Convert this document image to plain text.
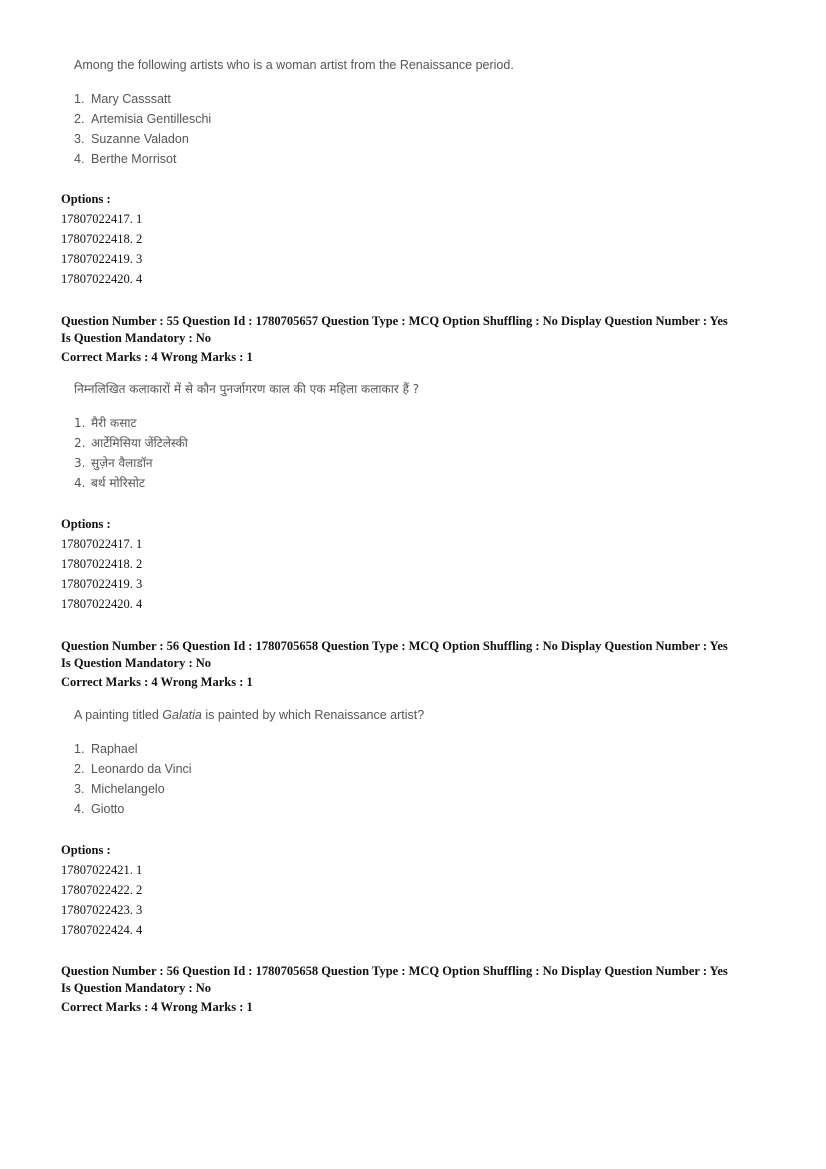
Among the following artists who is a woman artist from the Renaissance period.
1. Mary Casssatt
2. Artemisia Gentilleschi
3. Suzanne Valadon
4. Berthe Morrisot
Options :
17807022417. 1
17807022418. 2
17807022419. 3
17807022420. 4
Question Number : 55 Question Id : 1780705657 Question Type : MCQ Option Shuffling : No Display Question Number : Yes
Is Question Mandatory : No
Correct Marks : 4 Wrong Marks : 1
निम्नलिखित कलाकारों में से कौन पुनर्जागरण काल की एक महिला कलाकार हैं ?
1. मैरी कसाट
2. आर्टेमिसिया जेंटिलेस्की
3. सुज़ेन वैलाडॉन
4. बर्थ मोरिसोट
Options :
17807022417. 1
17807022418. 2
17807022419. 3
17807022420. 4
Question Number : 56 Question Id : 1780705658 Question Type : MCQ Option Shuffling : No Display Question Number : Yes
Is Question Mandatory : No
Correct Marks : 4 Wrong Marks : 1
A painting titled Galatia is painted by which Renaissance artist?
1. Raphael
2. Leonardo da Vinci
3. Michelangelo
4. Giotto
Options :
17807022421. 1
17807022422. 2
17807022423. 3
17807022424. 4
Question Number : 56 Question Id : 1780705658 Question Type : MCQ Option Shuffling : No Display Question Number : Yes
Is Question Mandatory : No
Correct Marks : 4 Wrong Marks : 1
